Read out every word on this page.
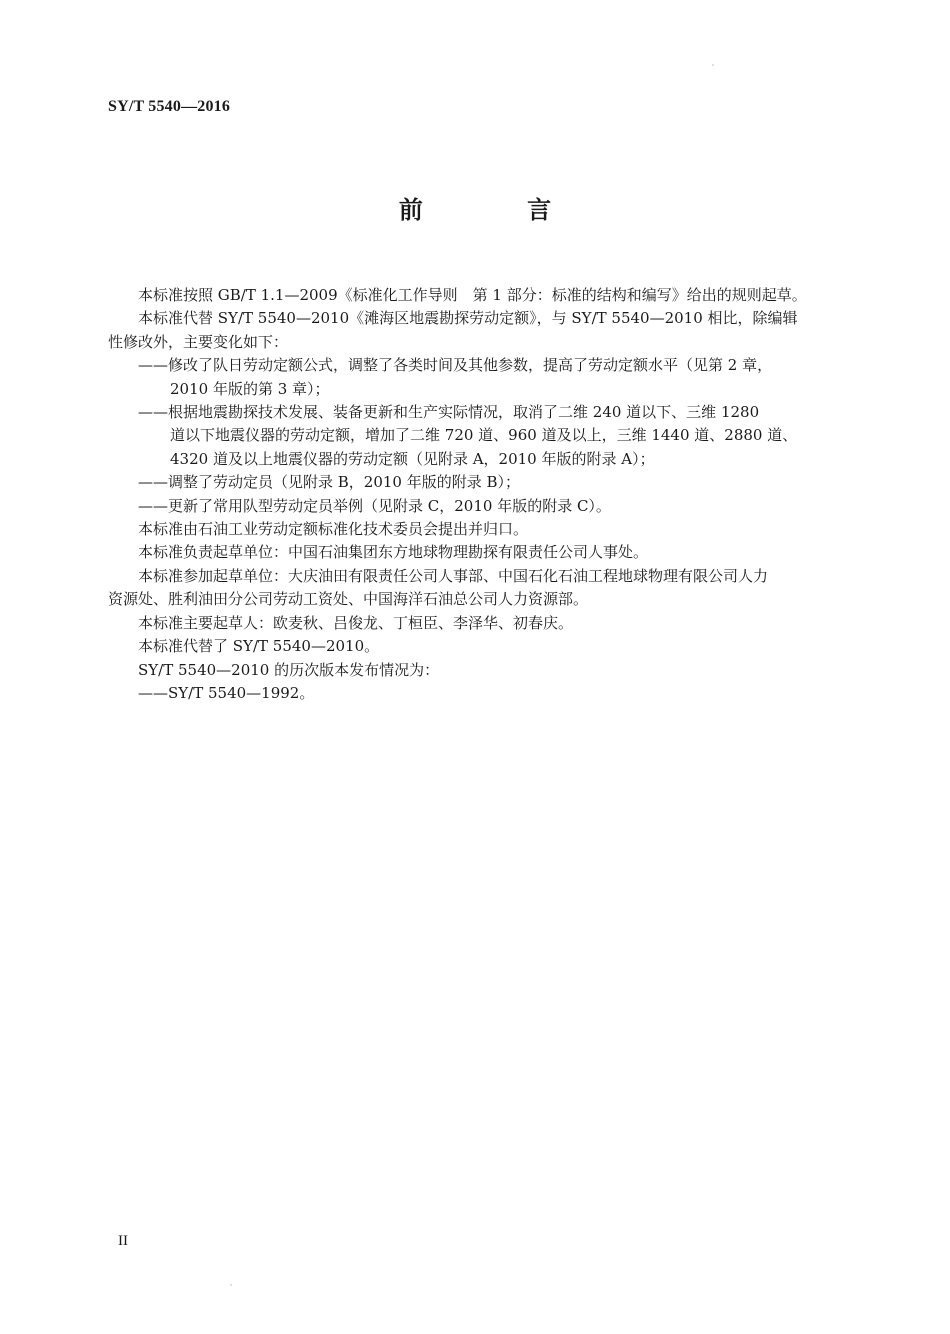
SY/T 5540—2016
前 言

本标准按照 GB/T 1.1—2009《标准化工作导则　第 1 部分：标准的结构和编写》给出的规则起草。

本标准代替 SY/T 5540—2010《滩海区地震勘探劳动定额》，与 SY/T 5540—2010 相比，除编辑

性修改外，主要变化如下：

——修改了队日劳动定额公式，调整了各类时间及其他参数，提高了劳动定额水平（见第 2 章，

2010 年版的第 3 章）；

——根据地震勘探技术发展、装备更新和生产实际情况，取消了二维 240 道以下、三维 1280

道以下地震仪器的劳动定额，增加了二维 720 道、960 道及以上，三维 1440 道、2880 道、

4320 道及以上地震仪器的劳动定额（见附录 A，2010 年版的附录 A）；

——调整了劳动定员（见附录 B，2010 年版的附录 B）；

——更新了常用队型劳动定员举例（见附录 C，2010 年版的附录 C）。

本标准由石油工业劳动定额标准化技术委员会提出并归口。

本标准负责起草单位：中国石油集团东方地球物理勘探有限责任公司人事处。

本标准参加起草单位：大庆油田有限责任公司人事部、中国石化石油工程地球物理有限公司人力

资源处、胜利油田分公司劳动工资处、中国海洋石油总公司人力资源部。

本标准主要起草人：欧麦秋、吕俊龙、丁桓臣、李泽华、初春庆。

本标准代替了 SY/T 5540—2010。

SY/T 5540—2010 的历次版本发布情况为：

——SY/T 5540—1992。

II
